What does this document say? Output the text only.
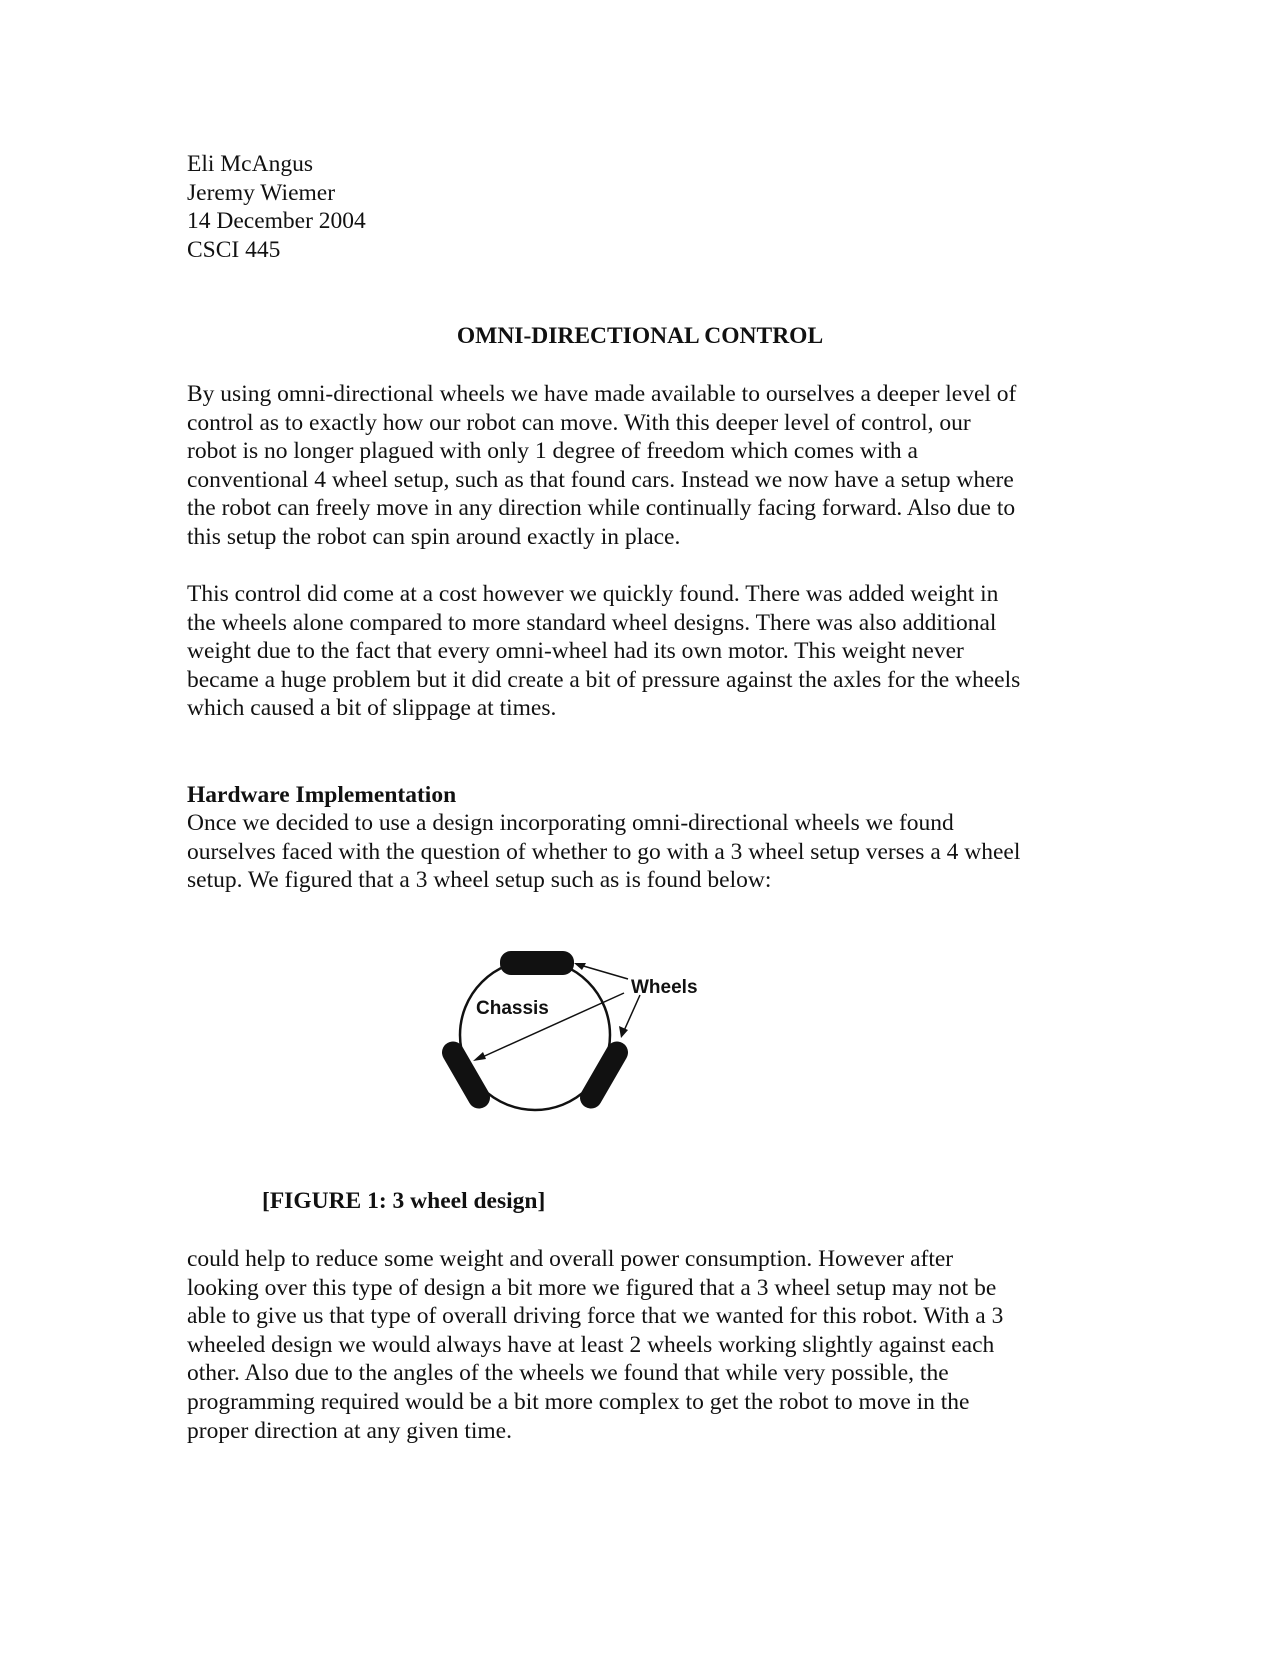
Eli McAngus
Jeremy Wiemer
14 December 2004
CSCI 445
OMNI-DIRECTIONAL CONTROL
By using omni-directional wheels we have made available to ourselves a deeper level of
control as to exactly how our robot can move. With this deeper level of control, our
robot is no longer plagued with only 1 degree of freedom which comes with a
conventional 4 wheel setup, such as that found cars. Instead we now have a setup where
the robot can freely move in any direction while continually facing forward. Also due to
this setup the robot can spin around exactly in place.
This control did come at a cost however we quickly found. There was added weight in
the wheels alone compared to more standard wheel designs. There was also additional
weight due to the fact that every omni-wheel had its own motor. This weight never
became a huge problem but it did create a bit of pressure against the axles for the wheels
which caused a bit of slippage at times.
Hardware Implementation
Once we decided to use a design incorporating omni-directional wheels we found
ourselves faced with the question of whether to go with a 3 wheel setup verses a 4 wheel
setup. We figured that a 3 wheel setup such as is found below:
Wheels
Chassis
[FIGURE 1: 3 wheel design]
could help to reduce some weight and overall power consumption. However after
looking over this type of design a bit more we figured that a 3 wheel setup may not be
able to give us that type of overall driving force that we wanted for this robot. With a 3
wheeled design we would always have at least 2 wheels working slightly against each
other. Also due to the angles of the wheels we found that while very possible, the
programming required would be a bit more complex to get the robot to move in the
proper direction at any given time.
